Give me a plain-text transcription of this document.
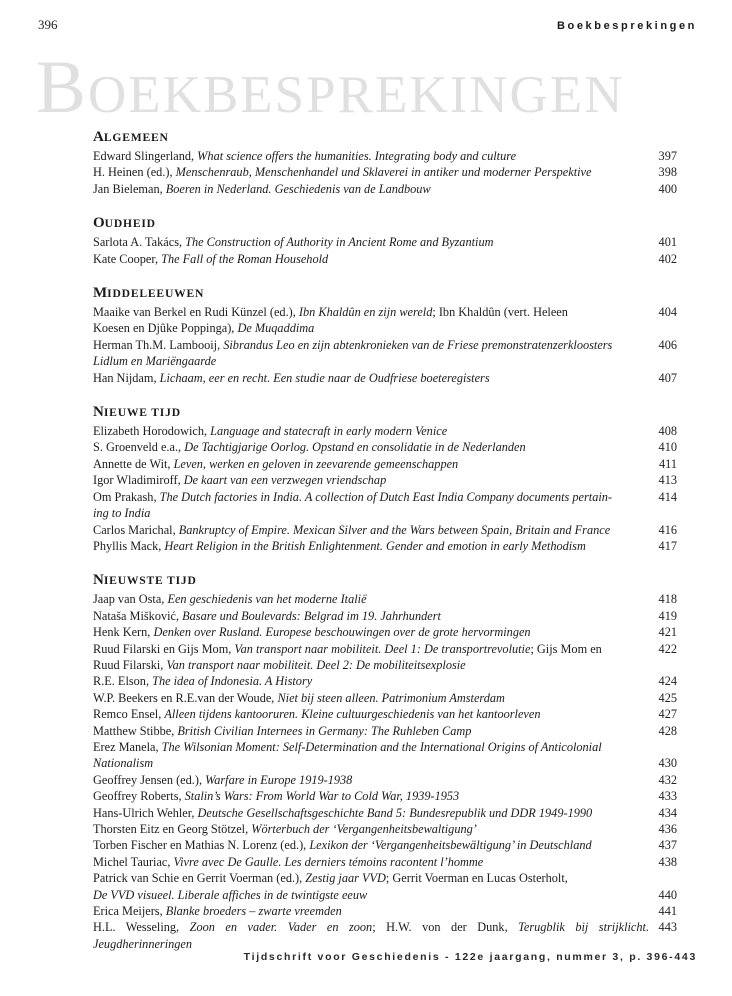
396	Boekbesprekingen
BOEKBESPREKINGEN
ALGEMEEN
Edward Slingerland, What science offers the humanities. Integrating body and culture	397
H. Heinen (ed.), Menschenraub, Menschenhandel und Sklaverei in antiker und moderner Perspektive	398
Jan Bieleman, Boeren in Nederland. Geschiedenis van de Landbouw	400
OUDHEID
Sarlota A. Takács, The Construction of Authority in Ancient Rome and Byzantium	401
Kate Cooper, The Fall of the Roman Household	402
MIDDELEEUWEN
Maaike van Berkel en Rudi Künzel (ed.), Ibn Khaldûn en zijn wereld; Ibn Khaldûn (vert. Heleen	404
Koesen en Djûke Poppinga), De Muqaddima
Herman Th.M. Lambooij, Sibrandus Leo en zijn abtenkronieken van de Friese premonstratenzerkloosters	406
Lidlum en Mariëngaarde
Han Nijdam, Lichaam, eer en recht. Een studie naar de Oudfriese boeteregisters	407
NIEUWE TIJD
Elizabeth Horodowich, Language and statecraft in early modern Venice	408
S. Groenveld e.a., De Tachtigjarige Oorlog. Opstand en consolidatie in de Nederlanden	410
Annette de Wit, Leven, werken en geloven in zeevarende gemeenschappen	411
Igor Wladimiroff, De kaart van een verzwegen vriendschap	413
Om Prakash, The Dutch factories in India. A collection of Dutch East India Company documents pertain-	414
ing to India
Carlos Marichal, Bankruptcy of Empire. Mexican Silver and the Wars between Spain, Britain and France	416
Phyllis Mack, Heart Religion in the British Enlightenment. Gender and emotion in early Methodism	417
NIEUWSTE TIJD
Jaap van Osta, Een geschiedenis van het moderne Italië	418
Nataša Mišković, Basare und Boulevards: Belgrad im 19. Jahrhundert	419
Henk Kern, Denken over Rusland. Europese beschouwingen over de grote hervormingen	421
Ruud Filarski en Gijs Mom, Van transport naar mobiliteit. Deel 1: De transportrevolutie; Gijs Mom en	422
Ruud Filarski, Van transport naar mobiliteit. Deel 2: De mobiliteitsexplosie
R.E. Elson, The idea of Indonesia. A History	424
W.P. Beekers en R.E.van der Woude, Niet bij steen alleen. Patrimonium Amsterdam	425
Remco Ensel, Alleen tijdens kantooruren. Kleine cultuurgeschiedenis van het kantoorleven	427
Matthew Stibbe, British Civilian Internees in Germany: The Ruhleben Camp	428
Erez Manela, The Wilsonian Moment: Self-Determination and the International Origins of Anticolonial
Nationalism	430
Geoffrey Jensen (ed.), Warfare in Europe 1919-1938	432
Geoffrey Roberts, Stalin’s Wars: From World War to Cold War, 1939-1953	433
Hans-Ulrich Wehler, Deutsche Gesellschaftsgeschichte Band 5: Bundesrepublik und DDR 1949-1990	434
Thorsten Eitz en Georg Stötzel, Wörterbuch der ‘Vergangenheitsbewaltigung’	436
Torben Fischer en Mathias N. Lorenz (ed.), Lexikon der ‘Vergangenheitsbewältigung’ in Deutschland	437
Michel Tauriac, Vivre avec De Gaulle. Les derniers témoins racontent l’homme	438
Patrick van Schie en Gerrit Voerman (ed.), Zestig jaar VVD; Gerrit Voerman en Lucas Osterholt,
De VVD visueel. Liberale affiches in de twintigste eeuw	440
Erica Meijers, Blanke broeders – zwarte vreemden	441
H.L. Wesseling, Zoon en vader. Vader en zoon; H.W. von der Dunk, Terugblik bij strijklicht. 443
Jeugdherinneringen
Tijdschrift voor Geschiedenis - 122e jaargang, nummer 3, p. 396-443
